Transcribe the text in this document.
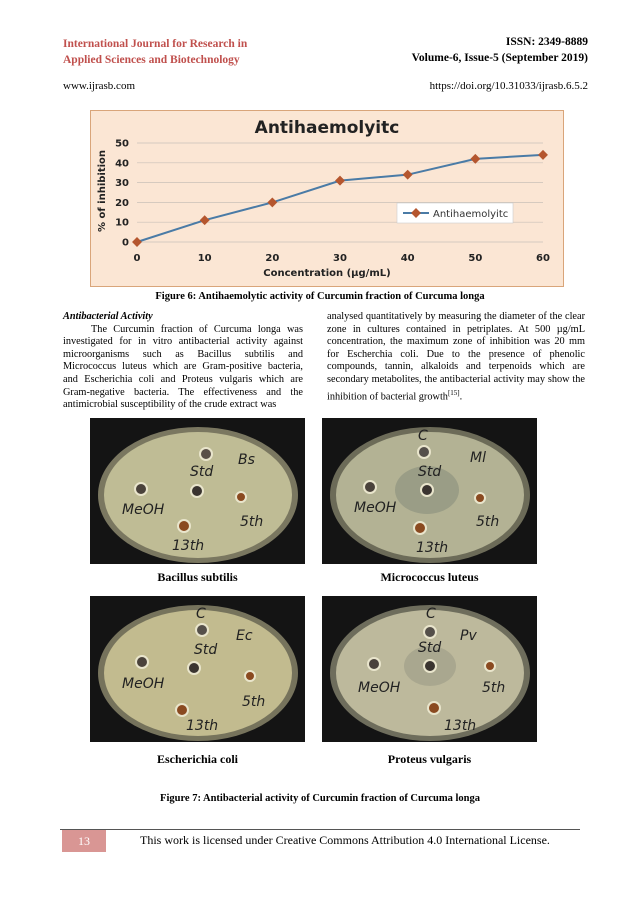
International Journal for Research in
Applied Sciences and Biotechnology
ISSN: 2349-8889
Volume-6, Issue-5 (September 2019)
www.ijrasb.com	https://doi.org/10.31033/ijrasb.6.5.2
Antihaemolyitc
0
10
20
30
40
50
0	10	20	30	40	50	60
Concentration (µg/mL)
% of inhibition	Antihaemolyitc
Figure 6: Antihaemolytic activity of Curcumin fraction of Curcuma longa
Antibacterial Activity
The Curcumin fraction of Curcuma longa was investigated for in vitro antibacterial activity against microorganisms such as Bacillus subtilis and Micrococcus luteus which are Gram-positive bacteria, and Escherichia coli and Proteus vulgaris which are Gram-negative bacteria. The effectiveness and the antimicrobial susceptibility of the crude extract was
analysed quantitatively by measuring the diameter of the clear zone in cultures contained in petriplates. At 500 µg/mL concentration, the maximum zone of inhibition was 20 mm for Escherchia coli. Due to the presence of phenolic compounds, tannin, alkaloids and terpenoids which are secondary metabolites, the antibacterial activity may show the inhibition of bacterial growth[15].
Bs
Std
MeOH
5th
13th
Bacillus subtilis
C
Ml
Std
MeOH
5th
13th
Micrococcus luteus
C
Ec
Std
MeOH
5th
13th
Escherichia coli
C
Pv
Std
MeOH	5th
13th
Proteus vulgaris
Figure 7: Antibacterial activity of Curcumin fraction of Curcuma longa
13	This work is licensed under Creative Commons Attribution 4.0 International License.
